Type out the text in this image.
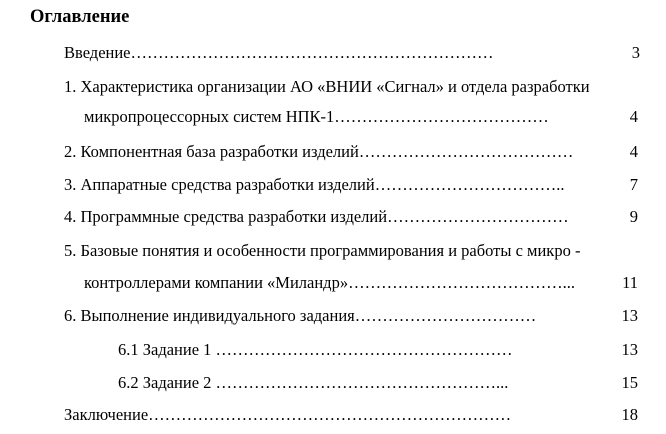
Оглавление
Введение…………………………………………………………	3
1. Характеристика организации АО «ВНИИ «Сигнал» и отдела разработки
микропроцессорных систем НПК-1…………………………………	4
2. Компонентная база разработки изделий…………………………………	4
3. Аппаратные средства разработки изделий……………………………..	7
4. Программные средства разработки изделий……………………………	9
5. Базовые понятия и особенности программирования и работы с микро -
контроллерами компании «Миландр»…………………………………...	11
6. Выполнение индивидуального задания……………………………	13
6.1 Задание 1 ………………………………………………	13
6.2 Задание 2 ……………………………………………...	15
Заключение…………………………………………………………	18
